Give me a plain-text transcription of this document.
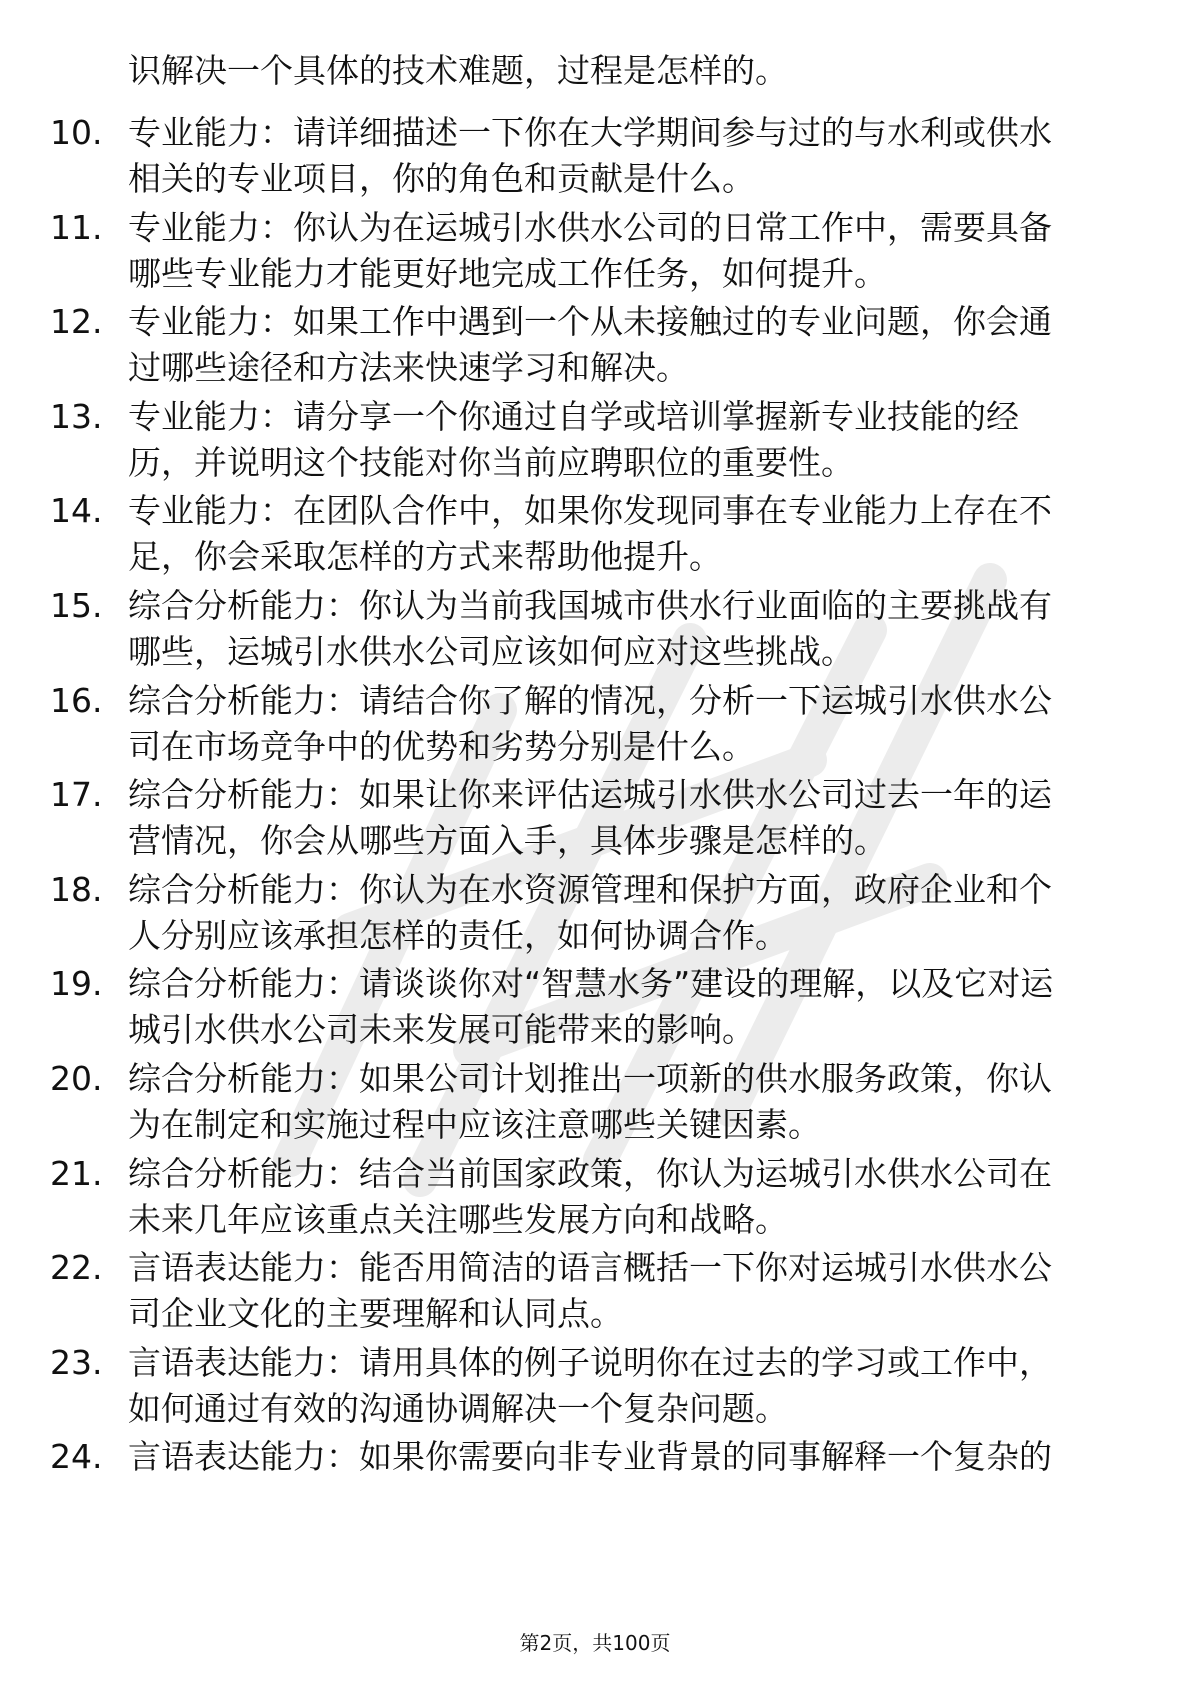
识解决一个具体的技术难题，过程是怎样的。
10. 专业能力：请详细描述一下你在大学期间参与过的与水利或供水
相关的专业项目，你的角色和贡献是什么。
11. 专业能力：你认为在运城引水供水公司的日常工作中，需要具备
哪些专业能力才能更好地完成工作任务，如何提升。
12. 专业能力：如果工作中遇到一个从未接触过的专业问题，你会通
过哪些途径和方法来快速学习和解决。
13. 专业能力：请分享一个你通过自学或培训掌握新专业技能的经
历，并说明这个技能对你当前应聘职位的重要性。
14. 专业能力：在团队合作中，如果你发现同事在专业能力上存在不
足，你会采取怎样的方式来帮助他提升。
15. 综合分析能力：你认为当前我国城市供水行业面临的主要挑战有
哪些，运城引水供水公司应该如何应对这些挑战。
16. 综合分析能力：请结合你了解的情况，分析一下运城引水供水公
司在市场竞争中的优势和劣势分别是什么。
17. 综合分析能力：如果让你来评估运城引水供水公司过去一年的运
营情况，你会从哪些方面入手，具体步骤是怎样的。
18. 综合分析能力：你认为在水资源管理和保护方面，政府企业和个
人分别应该承担怎样的责任，如何协调合作。
19. 综合分析能力：请谈谈你对“智慧水务”建设的理解，以及它对运
城引水供水公司未来发展可能带来的影响。
20. 综合分析能力：如果公司计划推出一项新的供水服务政策，你认
为在制定和实施过程中应该注意哪些关键因素。
21. 综合分析能力：结合当前国家政策，你认为运城引水供水公司在
未来几年应该重点关注哪些发展方向和战略。
22. 言语表达能力：能否用简洁的语言概括一下你对运城引水供水公
司企业文化的主要理解和认同点。
23. 言语表达能力：请用具体的例子说明你在过去的学习或工作中，
如何通过有效的沟通协调解决一个复杂问题。
24. 言语表达能力：如果你需要向非专业背景的同事解释一个复杂的
第2页，共100页
